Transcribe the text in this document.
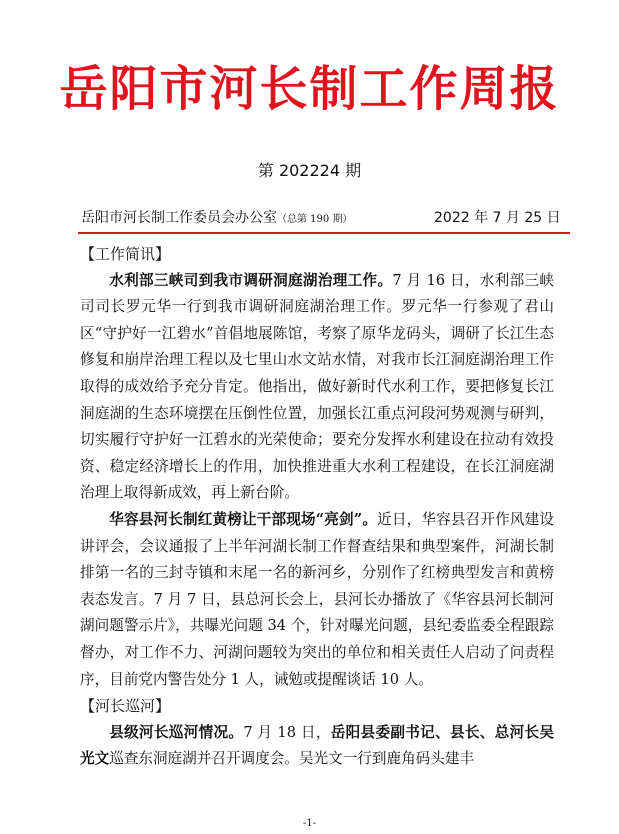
岳阳市河长制工作周报
第 202224 期
岳阳市河长制工作委员会办公室（总第 190 期）	2022 年 7 月 25 日

【工作简讯】

水利部三峡司到我市调研洞庭湖治理工作。7 月 16 日，水利部三峡司司长罗元华一行到我市调研洞庭湖治理工作。罗元华一行参观了君山区“守护好一江碧水”首倡地展陈馆，考察了原华龙码头，调研了长江生态修复和崩岸治理工程以及七里山水文站水情，对我市长江洞庭湖治理工作取得的成效给予充分肯定。他指出，做好新时代水利工作，要把修复长江洞庭湖的生态环境摆在压倒性位置，加强长江重点河段河势观测与研判，切实履行守护好一江碧水的光荣使命；要充分发挥水利建设在拉动有效投资、稳定经济增长上的作用，加快推进重大水利工程建设，在长江洞庭湖治理上取得新成效，再上新台阶。

华容县河长制红黄榜让干部现场“亮剑”。近日，华容县召开作风建设讲评会，会议通报了上半年河湖长制工作督查结果和典型案件，河湖长制排第一名的三封寺镇和末尾一名的新河乡，分别作了红榜典型发言和黄榜表态发言。7 月 7 日，县总河长会上，县河长办播放了《华容县河长制河湖问题警示片》，共曝光问题 34 个，针对曝光问题，县纪委监委全程跟踪督办，对工作不力、河湖问题较为突出的单位和相关责任人启动了问责程序，目前党内警告处分 1 人，诫勉或提醒谈话 10 人。

【河长巡河】

县级河长巡河情况。7 月 18 日，岳阳县委副书记、县长、总河长吴光文巡查东洞庭湖并召开调度会。吴光文一行到鹿角码头建丰

-1-
